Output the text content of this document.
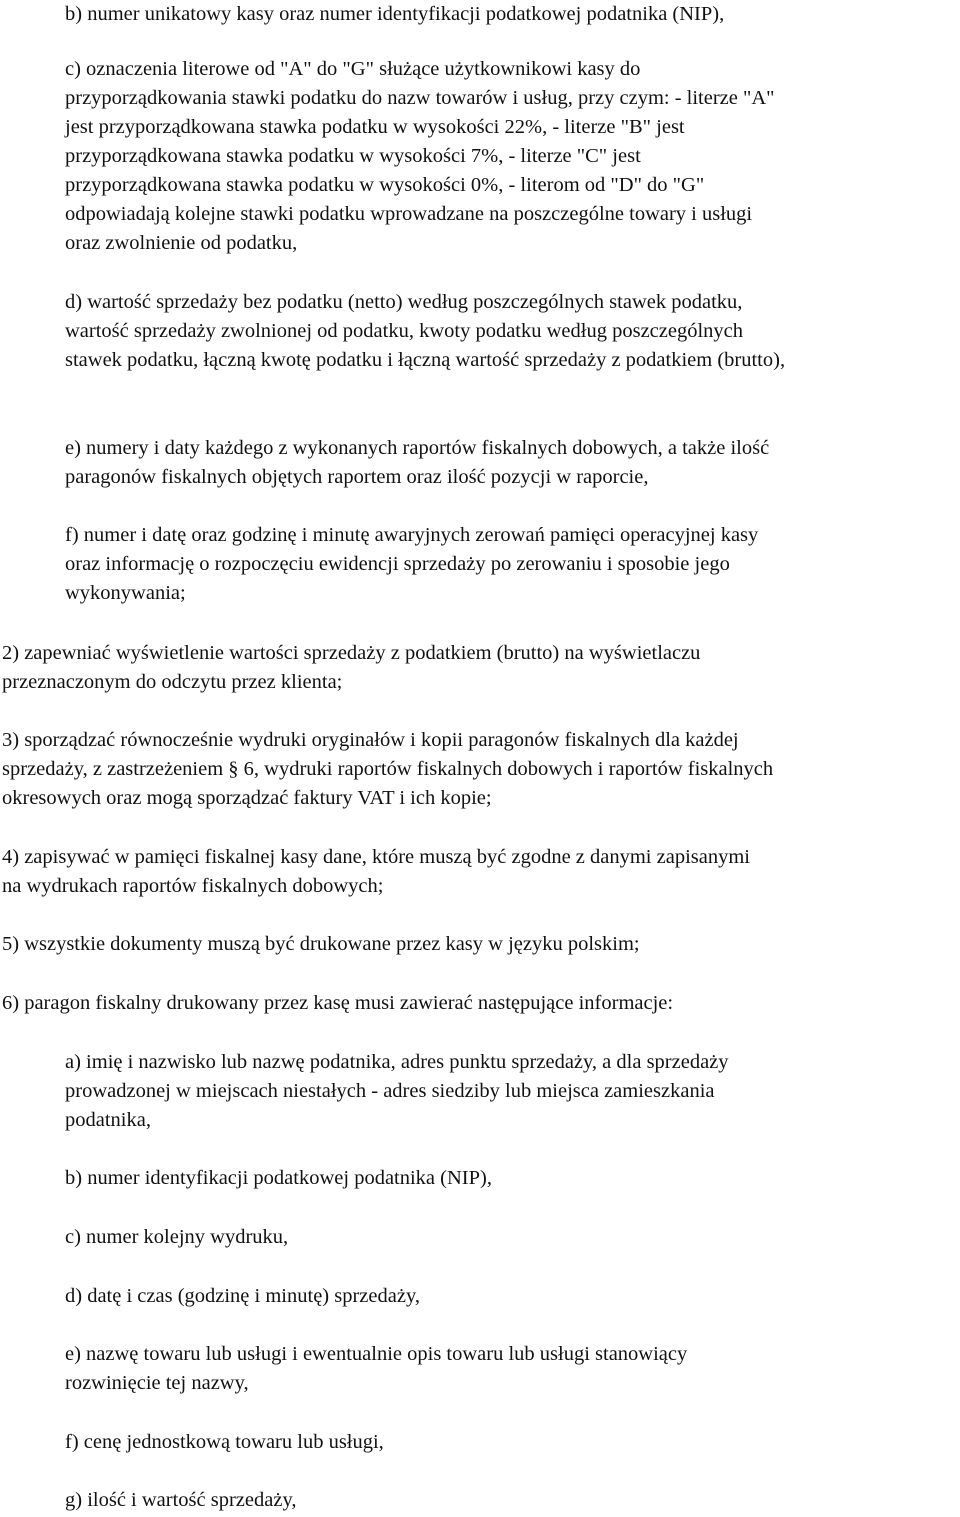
b) numer unikatowy kasy oraz numer identyfikacji podatkowej podatnika (NIP),

c) oznaczenia literowe od "A" do "G" służące użytkownikowi kasy do
przyporządkowania stawki podatku do nazw towarów i usług, przy czym: - literze "A"
jest przyporządkowana stawka podatku w wysokości 22%, - literze "B" jest
przyporządkowana stawka podatku w wysokości 7%, - literze "C" jest
przyporządkowana stawka podatku w wysokości 0%, - literom od "D" do "G"
odpowiadają kolejne stawki podatku wprowadzane na poszczególne towary i usługi
oraz zwolnienie od podatku,

d) wartość sprzedaży bez podatku (netto) według poszczególnych stawek podatku,
wartość sprzedaży zwolnionej od podatku, kwoty podatku według poszczególnych
stawek podatku, łączną kwotę podatku i łączną wartość sprzedaży z podatkiem (brutto),

e) numery i daty każdego z wykonanych raportów fiskalnych dobowych, a także ilość
paragonów fiskalnych objętych raportem oraz ilość pozycji w raporcie,

f) numer i datę oraz godzinę i minutę awaryjnych zerowań pamięci operacyjnej kasy
oraz informację o rozpoczęciu ewidencji sprzedaży po zerowaniu i sposobie jego
wykonywania;

2) zapewniać wyświetlenie wartości sprzedaży z podatkiem (brutto) na wyświetlaczu
przeznaczonym do odczytu przez klienta;

3) sporządzać równocześnie wydruki oryginałów i kopii paragonów fiskalnych dla każdej
sprzedaży, z zastrzeżeniem § 6, wydruki raportów fiskalnych dobowych i raportów fiskalnych
okresowych oraz mogą sporządzać faktury VAT i ich kopie;

4) zapisywać w pamięci fiskalnej kasy dane, które muszą być zgodne z danymi zapisanymi
na wydrukach raportów fiskalnych dobowych;

5) wszystkie dokumenty muszą być drukowane przez kasy w języku polskim;

6) paragon fiskalny drukowany przez kasę musi zawierać następujące informacje:

a) imię i nazwisko lub nazwę podatnika, adres punktu sprzedaży, a dla sprzedaży
prowadzonej w miejscach niestałych - adres siedziby lub miejsca zamieszkania
podatnika,

b) numer identyfikacji podatkowej podatnika (NIP),

c) numer kolejny wydruku,

d) datę i czas (godzinę i minutę) sprzedaży,

e) nazwę towaru lub usługi i ewentualnie opis towaru lub usługi stanowiący
rozwinięcie tej nazwy,

f) cenę jednostkową towaru lub usługi,

g) ilość i wartość sprzedaży,
